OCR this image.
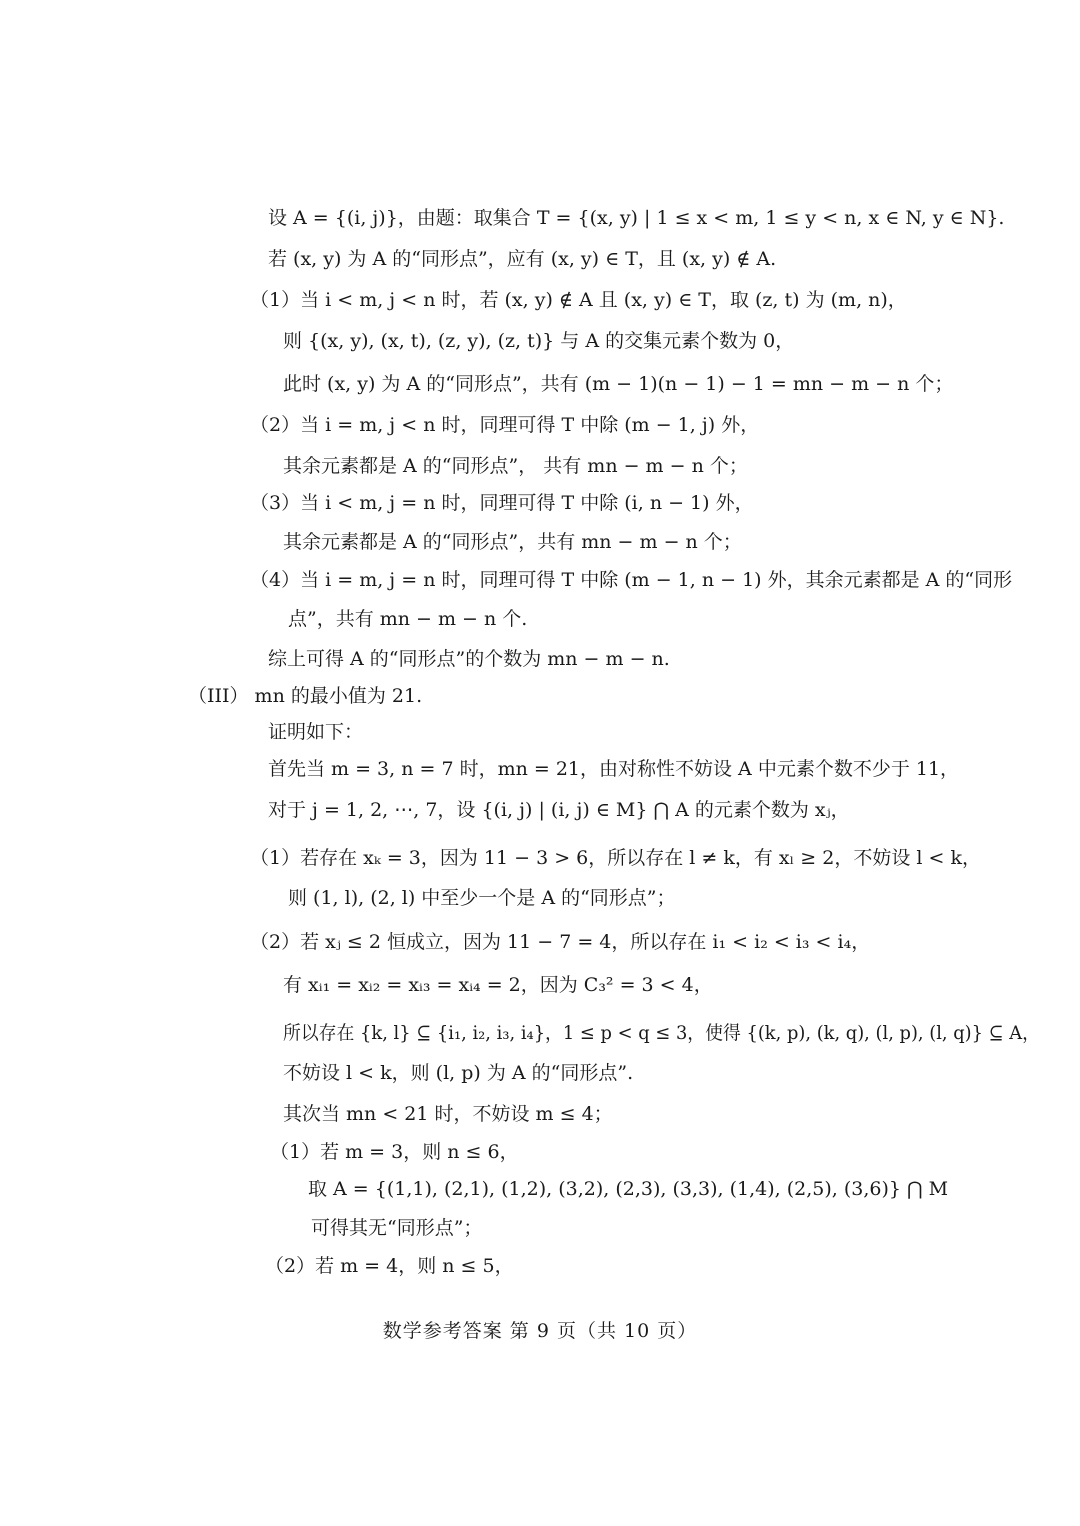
设 A = {(i, j)}，由题：取集合 T = {(x, y) | 1 ≤ x < m, 1 ≤ y < n, x ∈ N, y ∈ N}.
若 (x, y) 为 A 的“同形点”，应有 (x, y) ∈ T，且 (x, y) ∉ A.
（1）当 i < m, j < n 时，若 (x, y) ∉ A 且 (x, y) ∈ T，取 (z, t) 为 (m, n)，
则 {(x, y), (x, t), (z, y), (z, t)} 与 A 的交集元素个数为 0，
此时 (x, y) 为 A 的“同形点”，共有 (m − 1)(n − 1) − 1 = mn − m − n 个；
（2）当 i = m, j < n 时，同理可得 T 中除 (m − 1, j) 外，
其余元素都是 A 的“同形点”， 共有 mn − m − n 个；
（3）当 i < m, j = n 时，同理可得 T 中除 (i, n − 1) 外，
其余元素都是 A 的“同形点”，共有 mn − m − n 个；
（4）当 i = m, j = n 时，同理可得 T 中除 (m − 1, n − 1) 外，其余元素都是 A 的“同形
点”，共有 mn − m − n 个.
综上可得 A 的“同形点”的个数为 mn − m − n.
（III） mn 的最小值为 21.
证明如下：
首先当 m = 3, n = 7 时，mn = 21，由对称性不妨设 A 中元素个数不少于 11，
对于 j = 1, 2, ⋯, 7，设 {(i, j) | (i, j) ∈ M} ⋂ A 的元素个数为 xⱼ，
（1）若存在 xₖ = 3，因为 11 − 3 > 6，所以存在 l ≠ k，有 xₗ ≥ 2，不妨设 l < k，
则 (1, l), (2, l) 中至少一个是 A 的“同形点”；
（2）若 xⱼ ≤ 2 恒成立，因为 11 − 7 = 4，所以存在 i₁ < i₂ < i₃ < i₄，
有 xᵢ₁ = xᵢ₂ = xᵢ₃ = xᵢ₄ = 2，因为 C₃² = 3 < 4，
所以存在 {k, l} ⊆ {i₁, i₂, i₃, i₄}，1 ≤ p < q ≤ 3，使得 {(k, p), (k, q), (l, p), (l, q)} ⊆ A，
不妨设 l < k，则 (l, p) 为 A 的“同形点”.
其次当 mn < 21 时，不妨设 m ≤ 4；
（1）若 m = 3，则 n ≤ 6，
取 A = {(1,1), (2,1), (1,2), (3,2), (2,3), (3,3), (1,4), (2,5), (3,6)} ⋂ M
可得其无“同形点”；
（2）若 m = 4，则 n ≤ 5，
数学参考答案 第 9 页（共 10 页）
